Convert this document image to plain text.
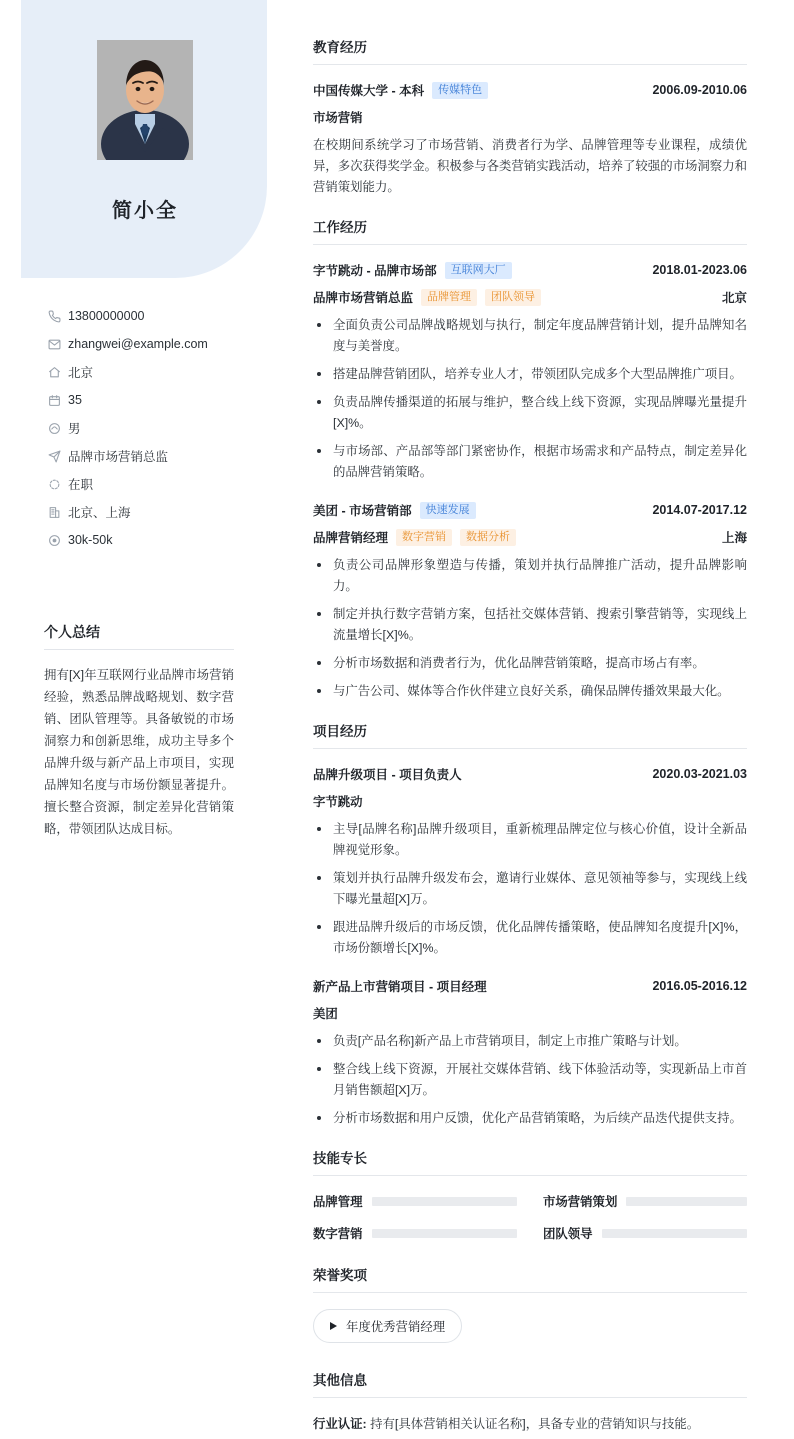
简小全
13800000000
zhangwei@example.com
北京
35
男
品牌市场营销总监
在职
北京、上海
30k-50k
个人总结
拥有[X]年互联网行业品牌市场营销经验，熟悉品牌战略规划、数字营销、团队管理等。具备敏锐的市场洞察力和创新思维，成功主导多个品牌升级与新产品上市项目，实现品牌知名度与市场份额显著提升。擅长整合资源，制定差异化营销策略，带领团队达成目标。
教育经历
中国传媒大学 - 本科	传媒特色	2006.09-2010.06
市场营销
在校期间系统学习了市场营销、消费者行为学、品牌管理等专业课程，成绩优异，多次获得奖学金。积极参与各类营销实践活动，培养了较强的市场洞察力和营销策划能力。
工作经历
字节跳动 - 品牌市场部	互联网大厂	2018.01-2023.06
品牌市场营销总监	品牌管理	团队领导	北京
全面负责公司品牌战略规划与执行，制定年度品牌营销计划，提升品牌知名度与美誉度。
搭建品牌营销团队，培养专业人才，带领团队完成多个大型品牌推广项目。
负责品牌传播渠道的拓展与维护，整合线上线下资源，实现品牌曝光量提升[X]%。
与市场部、产品部等部门紧密协作，根据市场需求和产品特点，制定差异化的品牌营销策略。
美团 - 市场营销部	快速发展	2014.07-2017.12
品牌营销经理	数字营销	数据分析	上海
负责公司品牌形象塑造与传播，策划并执行品牌推广活动，提升品牌影响力。
制定并执行数字营销方案，包括社交媒体营销、搜索引擎营销等，实现线上流量增长[X]%。
分析市场数据和消费者行为，优化品牌营销策略，提高市场占有率。
与广告公司、媒体等合作伙伴建立良好关系，确保品牌传播效果最大化。
项目经历
品牌升级项目 - 项目负责人	2020.03-2021.03
字节跳动
主导[品牌名称]品牌升级项目，重新梳理品牌定位与核心价值，设计全新品牌视觉形象。
策划并执行品牌升级发布会，邀请行业媒体、意见领袖等参与，实现线上线下曝光量超[X]万。
跟进品牌升级后的市场反馈，优化品牌传播策略，使品牌知名度提升[X]%，市场份额增长[X]%。
新产品上市营销项目 - 项目经理	2016.05-2016.12
美团
负责[产品名称]新产品上市营销项目，制定上市推广策略与计划。
整合线上线下资源，开展社交媒体营销、线下体验活动等，实现新品上市首月销售额超[X]万。
分析市场数据和用户反馈，优化产品营销策略，为后续产品迭代提供支持。
技能专长
品牌管理	市场营销策划
数字营销	团队领导
荣誉奖项
年度优秀营销经理
其他信息
行业认证: 持有[具体营销相关认证名称]，具备专业的营销知识与技能。
